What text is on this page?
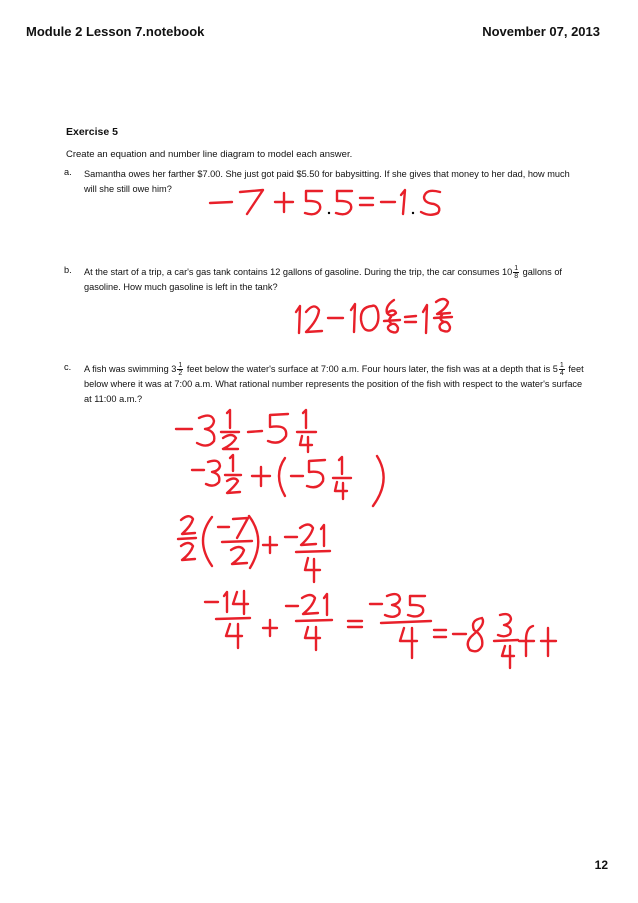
Module 2 Lesson 7.notebook	November 07, 2013
Exercise 5
Create an equation and number line diagram to model each answer.
a. Samantha owes her farther $7.00. She just got paid $5.50 for babysitting. If she gives that money to her dad, how much will she still owe him?
b. At the start of a trip, a car's gas tank contains 12 gallons of gasoline. During the trip, the car consumes $10 \frac{1}{8}$ gallons of gasoline. How much gasoline is left in the tank?
c. A fish was swimming $3 \frac{1}{2}$ feet below the water's surface at 7:00 a.m. Four hours later, the fish was at a depth that is $5 \frac{1}{4}$ feet below where it was at 7:00 a.m. What rational number represents the position of the fish with respect to the water's surface at 11:00 a.m.?
12
